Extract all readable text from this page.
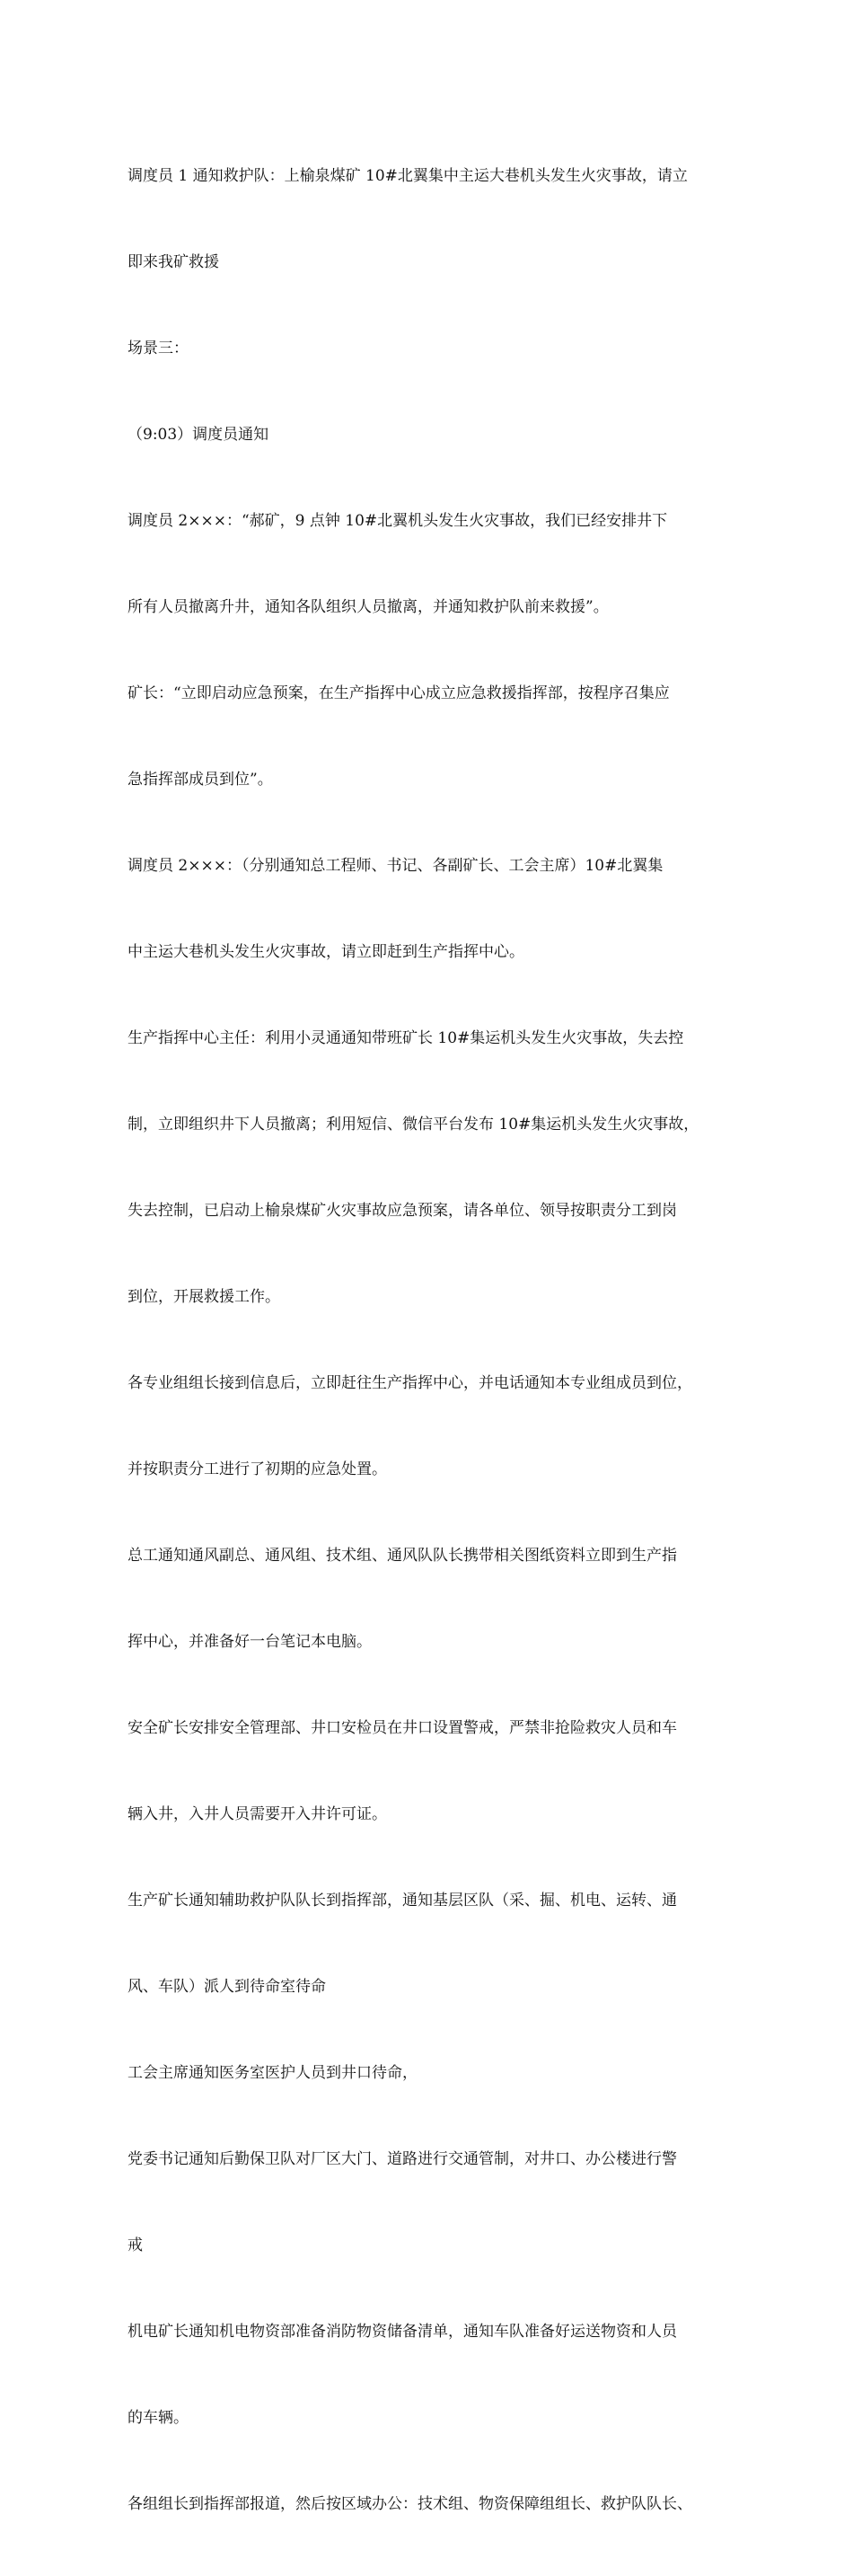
调度员 1 通知救护队：上榆泉煤矿 10#北翼集中主运大巷机头发生火灾事故，请立

即来我矿救援

场景三：

（9:03）调度员通知

调度员 2×××：“郝矿，9 点钟 10#北翼机头发生火灾事故，我们已经安排井下

所有人员撤离升井，通知各队组织人员撤离，并通知救护队前来救援”。

矿长：“立即启动应急预案，在生产指挥中心成立应急救援指挥部，按程序召集应

急指挥部成员到位”。

调度员 2×××：（分别通知总工程师、书记、各副矿长、工会主席）10#北翼集

中主运大巷机头发生火灾事故，请立即赶到生产指挥中心。

生产指挥中心主任：利用小灵通通知带班矿长 10#集运机头发生火灾事故，失去控

制，立即组织井下人员撤离；利用短信、微信平台发布 10#集运机头发生火灾事故，

失去控制，已启动上榆泉煤矿火灾事故应急预案，请各单位、领导按职责分工到岗

到位，开展救援工作。

各专业组组长接到信息后，立即赶往生产指挥中心，并电话通知本专业组成员到位，

并按职责分工进行了初期的应急处置。

总工通知通风副总、通风组、技术组、通风队队长携带相关图纸资料立即到生产指

挥中心，并准备好一台笔记本电脑。

安全矿长安排安全管理部、井口安检员在井口设置警戒，严禁非抢险救灾人员和车

辆入井，入井人员需要开入井许可证。

生产矿长通知辅助救护队队长到指挥部，通知基层区队（采、掘、机电、运转、通

风、车队）派人到待命室待命

工会主席通知医务室医护人员到井口待命，

党委书记通知后勤保卫队对厂区大门、道路进行交通管制，对井口、办公楼进行警

戒

机电矿长通知机电物资部准备消防物资储备清单，通知车队准备好运送物资和人员

的车辆。

各组组长到指挥部报道，然后按区域办公：技术组、物资保障组组长、救护队队长、
